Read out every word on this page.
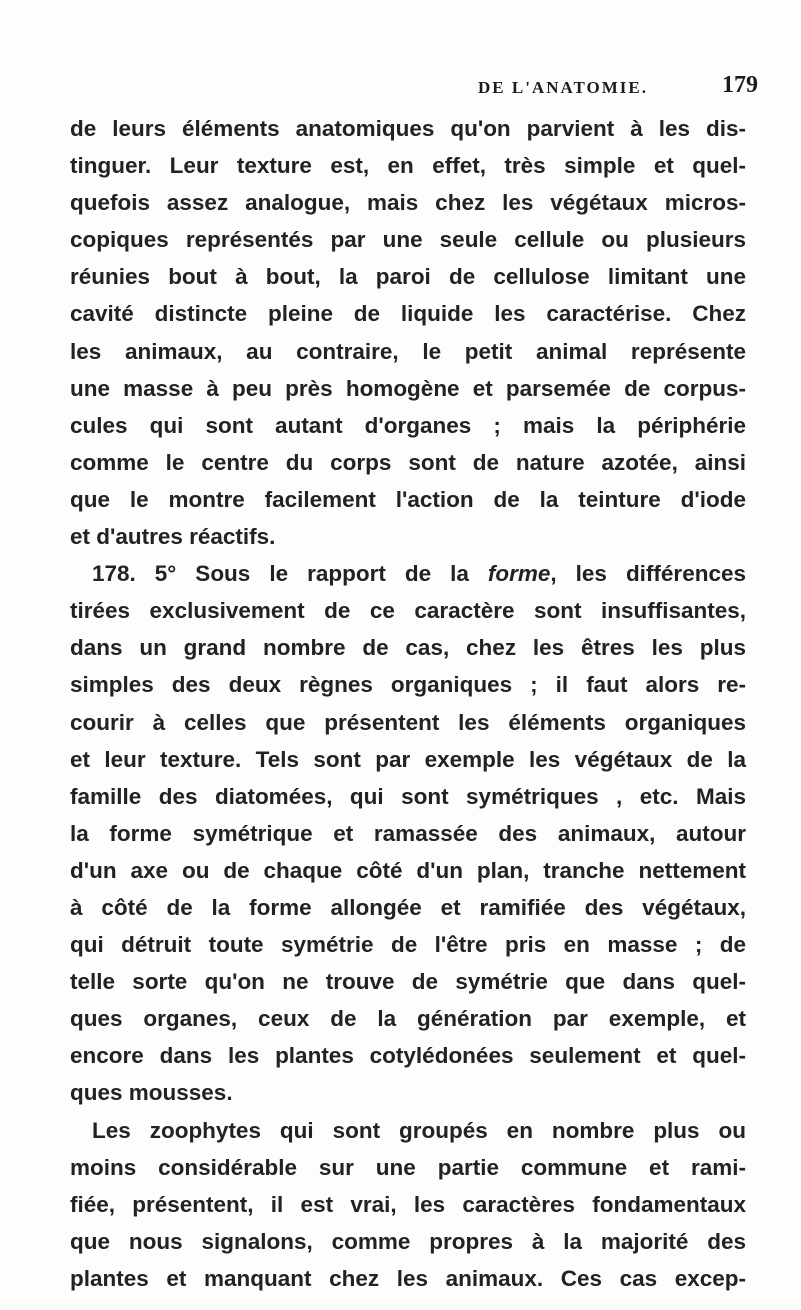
DE L'ANATOMIE.	179
de leurs éléments anatomiques qu'on parvient à les dis-
tinguer. Leur texture est, en effet, très simple et quel-
quefois assez analogue, mais chez les végétaux micros-
copiques représentés par une seule cellule ou plusieurs
réunies bout à bout, la paroi de cellulose limitant une
cavité distincte pleine de liquide les caractérise. Chez
les animaux, au contraire, le petit animal représente
une masse à peu près homogène et parsemée de corpus-
cules qui sont autant d'organes ; mais la périphérie
comme le centre du corps sont de nature azotée, ainsi
que le montre facilement l'action de la teinture d'iode
et d'autres réactifs.
178. 5° Sous le rapport de la forme, les différences
tirées exclusivement de ce caractère sont insuffisantes,
dans un grand nombre de cas, chez les êtres les plus
simples des deux règnes organiques ; il faut alors re-
courir à celles que présentent les éléments organiques
et leur texture. Tels sont par exemple les végétaux de la
famille des diatomées, qui sont symétriques , etc. Mais
la forme symétrique et ramassée des animaux, autour
d'un axe ou de chaque côté d'un plan, tranche nettement
à côté de la forme allongée et ramifiée des végétaux,
qui détruit toute symétrie de l'être pris en masse ; de
telle sorte qu'on ne trouve de symétrie que dans quel-
ques organes, ceux de la génération par exemple, et
encore dans les plantes cotylédonées seulement et quel-
ques mousses.
Les zoophytes qui sont groupés en nombre plus ou
moins considérable sur une partie commune et rami-
fiée, présentent, il est vrai, les caractères fondamentaux
que nous signalons, comme propres à la majorité des
plantes et manquant chez les animaux. Ces cas excep-
